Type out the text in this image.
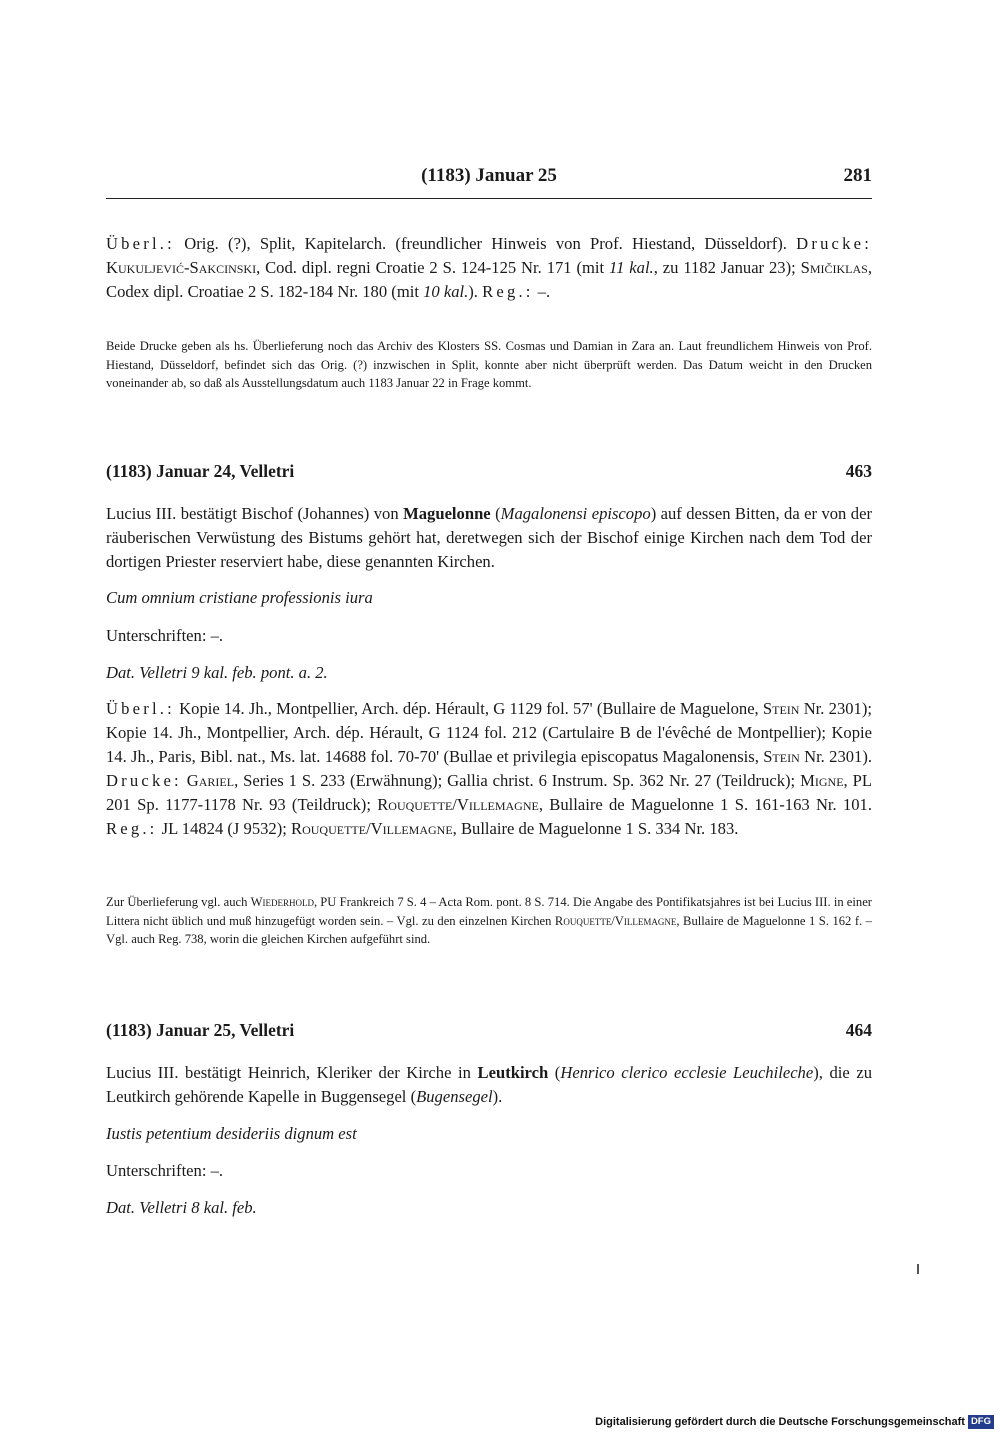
(1183) Januar 25	281
Überl.: Orig. (?), Split, Kapitelarch. (freundlicher Hinweis von Prof. Hiestand, Düsseldorf). Drucke: Kukuljević-Sakcinski, Cod. dipl. regni Croatie 2 S. 124-125 Nr. 171 (mit 11 kal., zu 1182 Januar 23); Smičiklas, Codex dipl. Croatiae 2 S. 182-184 Nr. 180 (mit 10 kal.). Reg.: –.
Beide Drucke geben als hs. Überlieferung noch das Archiv des Klosters SS. Cosmas und Damian in Zara an. Laut freundlichem Hinweis von Prof. Hiestand, Düsseldorf, befindet sich das Orig. (?) inzwischen in Split, konnte aber nicht überprüft werden. Das Datum weicht in den Drucken voneinander ab, so daß als Ausstellungsdatum auch 1183 Januar 22 in Frage kommt.
(1183) Januar 24, Velletri	463
Lucius III. bestätigt Bischof (Johannes) von Maguelonne (Magalonensi episcopo) auf dessen Bitten, da er von der räuberischen Verwüstung des Bistums gehört hat, deretwegen sich der Bischof einige Kirchen nach dem Tod der dortigen Priester reserviert habe, diese genannten Kirchen.
Cum omnium cristiane professionis iura
Unterschriften: –.
Dat. Velletri 9 kal. feb. pont. a. 2.
Überl.: Kopie 14. Jh., Montpellier, Arch. dép. Hérault, G 1129 fol. 57' (Bullaire de Maguelone, Stein Nr. 2301); Kopie 14. Jh., Montpellier, Arch. dép. Hérault, G 1124 fol. 212 (Cartulaire B de l'évêché de Montpellier); Kopie 14. Jh., Paris, Bibl. nat., Ms. lat. 14688 fol. 70-70' (Bullae et privilegia episcopatus Magalonensis, Stein Nr. 2301). Drucke: Gariel, Series 1 S. 233 (Erwähnung); Gallia christ. 6 Instrum. Sp. 362 Nr. 27 (Teildruck); Migne, PL 201 Sp. 1177-1178 Nr. 93 (Teildruck); Rouquette/Villemagne, Bullaire de Maguelonne 1 S. 161-163 Nr. 101. Reg.: JL 14824 (J 9532); Rouquette/Villemagne, Bullaire de Maguelonne 1 S. 334 Nr. 183.
Zur Überlieferung vgl. auch Wiederhold, PU Frankreich 7 S. 4 – Acta Rom. pont. 8 S. 714. Die Angabe des Pontifikatsjahres ist bei Lucius III. in einer Littera nicht üblich und muß hinzugefügt worden sein. – Vgl. zu den einzelnen Kirchen Rouquette/Villemagne, Bullaire de Maguelonne 1 S. 162 f. – Vgl. auch Reg. 738, worin die gleichen Kirchen aufgeführt sind.
(1183) Januar 25, Velletri	464
Lucius III. bestätigt Heinrich, Kleriker der Kirche in Leutkirch (Henrico clerico ecclesie Leuchileche), die zu Leutkirch gehörende Kapelle in Buggensegel (Bugensegel).
Iustis petentium desideriis dignum est
Unterschriften: –.
Dat. Velletri 8 kal. feb.
Digitalisierung gefördert durch die Deutsche Forschungsgemeinschaft DFG
